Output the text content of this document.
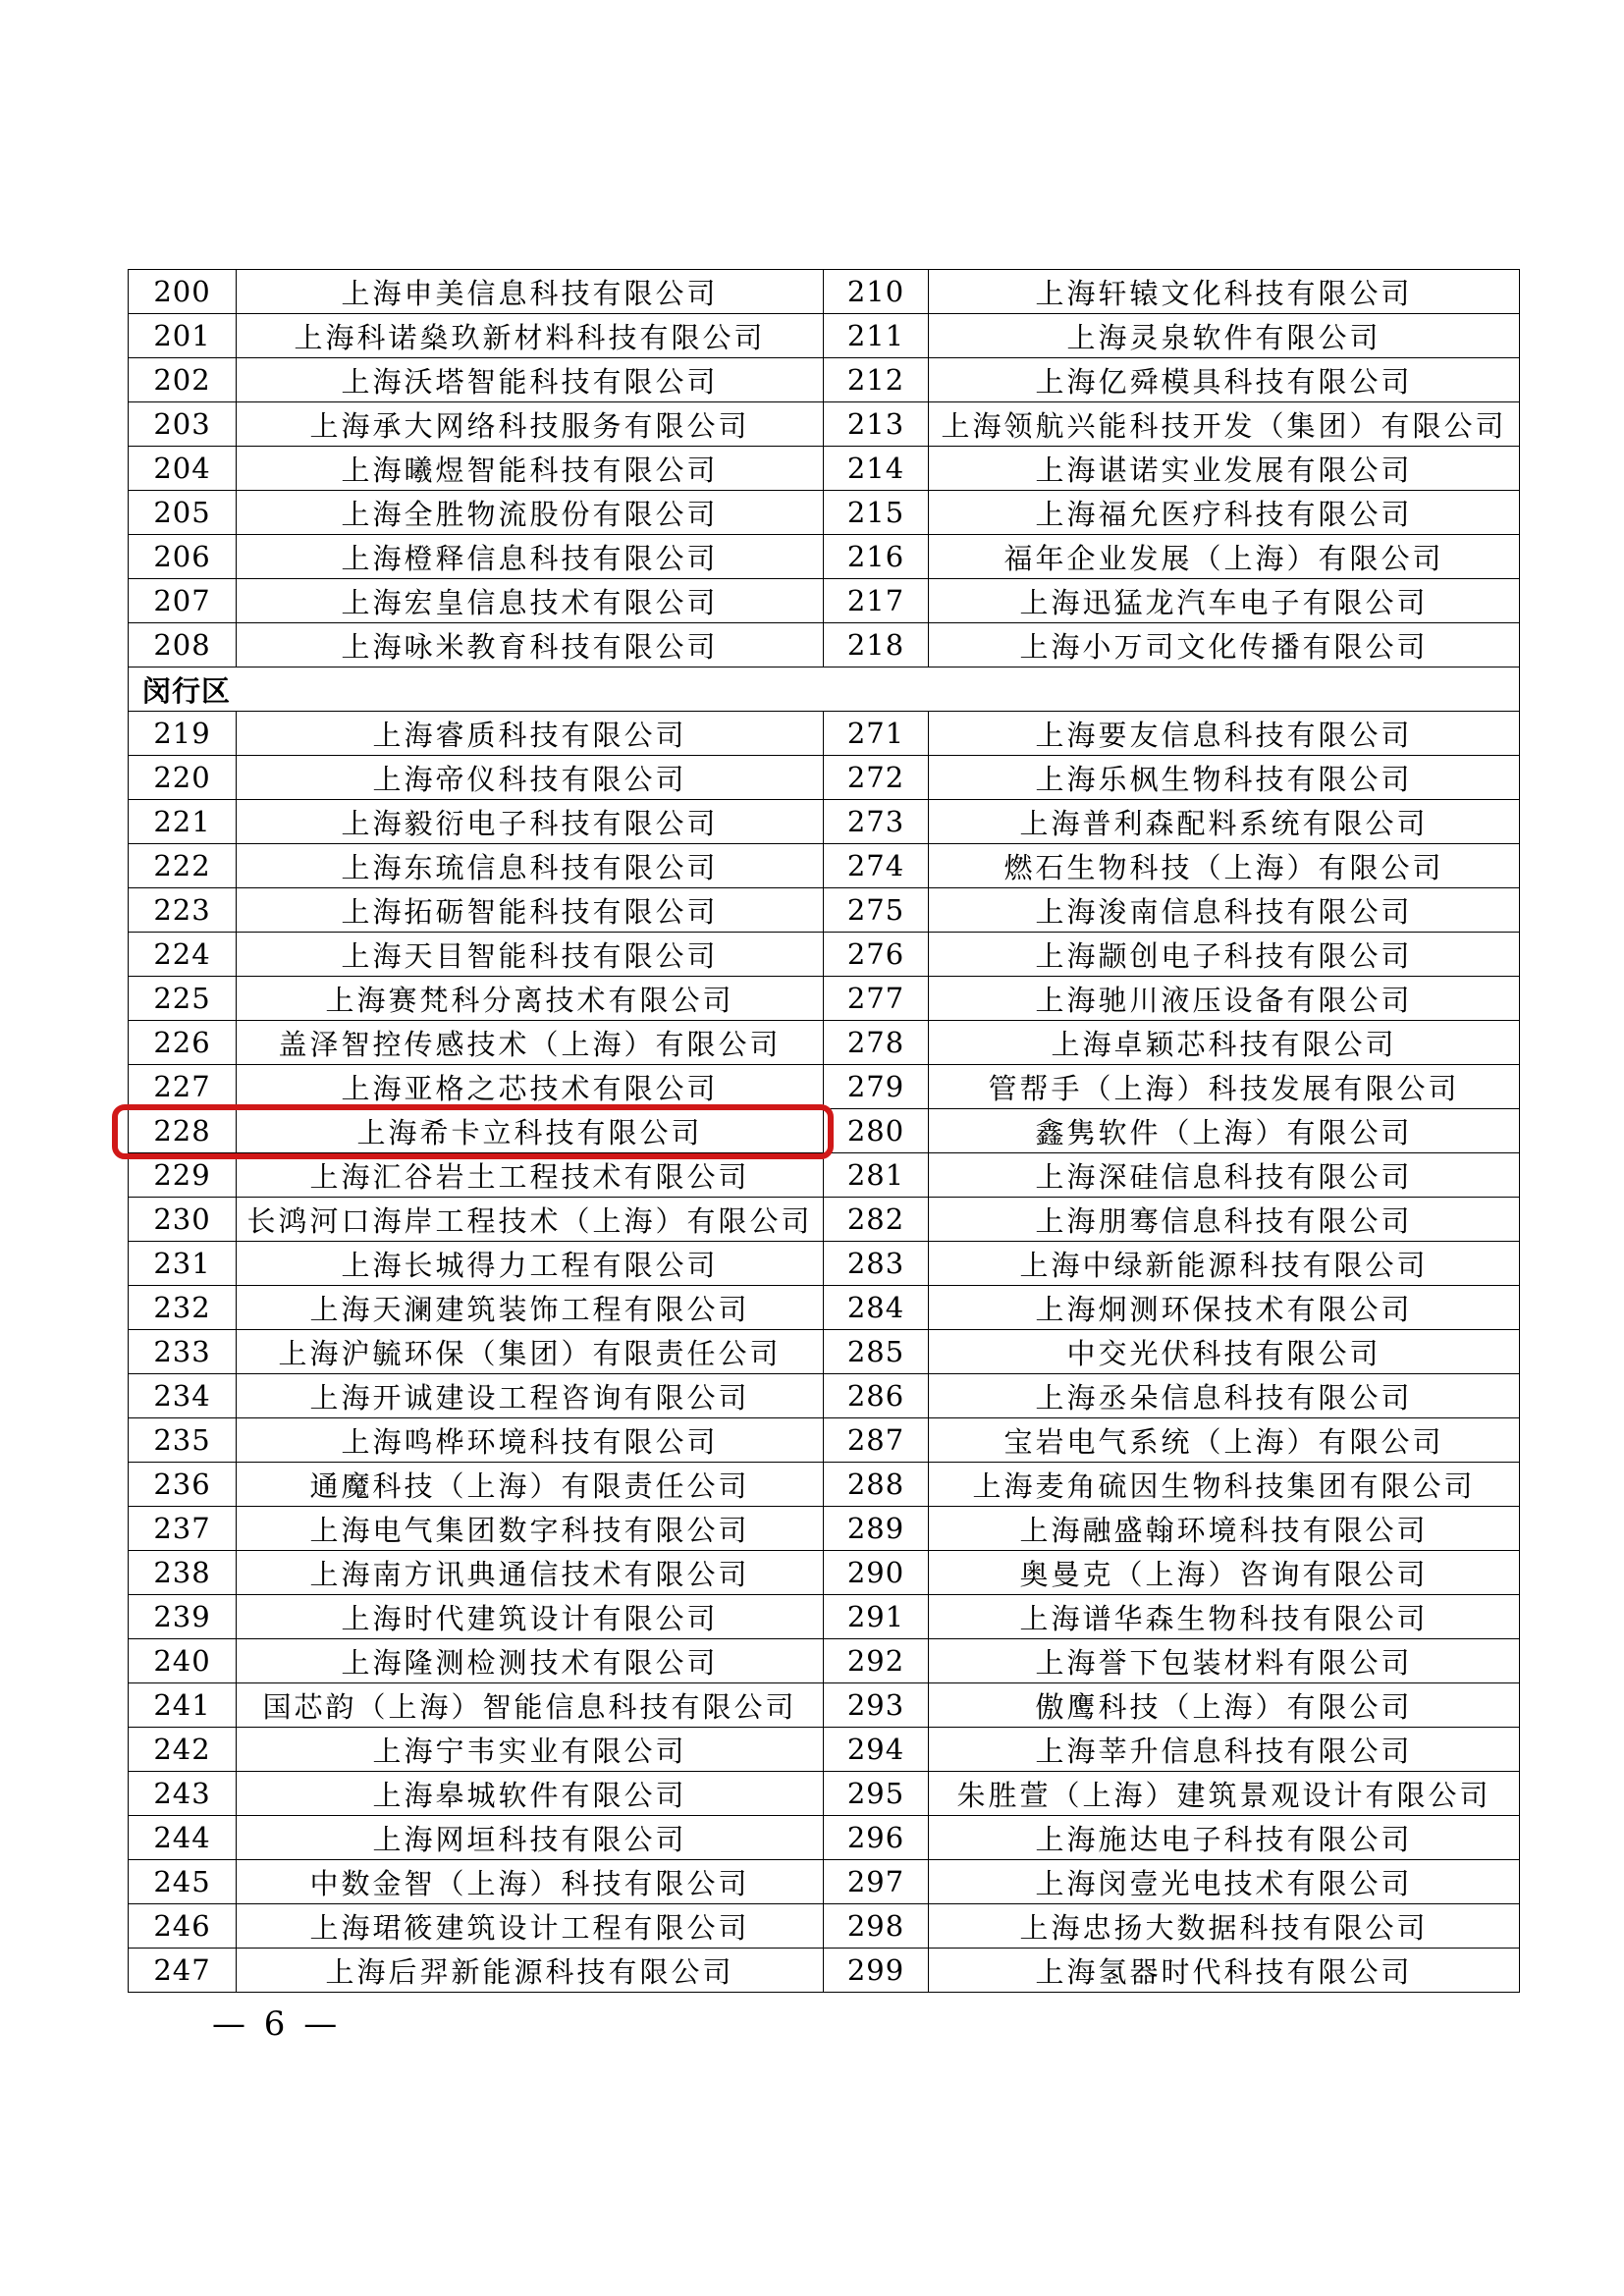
200	上海申美信息科技有限公司	210	上海轩辕文化科技有限公司
201	上海科诺燊玖新材料科技有限公司	211	上海灵泉软件有限公司
202	上海沃塔智能科技有限公司	212	上海亿舜模具科技有限公司
203	上海承大网络科技服务有限公司	213	上海领航兴能科技开发（集团）有限公司
204	上海曦煜智能科技有限公司	214	上海谌诺实业发展有限公司
205	上海全胜物流股份有限公司	215	上海福允医疗科技有限公司
206	上海橙释信息科技有限公司	216	福年企业发展（上海）有限公司
207	上海宏皇信息技术有限公司	217	上海迅猛龙汽车电子有限公司
208	上海咏米教育科技有限公司	218	上海小万司文化传播有限公司
闵行区			
219	上海睿质科技有限公司	271	上海要友信息科技有限公司
220	上海帝仪科技有限公司	272	上海乐枫生物科技有限公司
221	上海毅衍电子科技有限公司	273	上海普利森配料系统有限公司
222	上海东琉信息科技有限公司	274	燃石生物科技（上海）有限公司
223	上海拓砺智能科技有限公司	275	上海浚南信息科技有限公司
224	上海天目智能科技有限公司	276	上海颛创电子科技有限公司
225	上海赛梵科分离技术有限公司	277	上海驰川液压设备有限公司
226	盖泽智控传感技术（上海）有限公司	278	上海卓颖芯科技有限公司
227	上海亚格之芯技术有限公司	279	管帮手（上海）科技发展有限公司
228	上海希卡立科技有限公司	280	鑫隽软件（上海）有限公司
229	上海汇谷岩土工程技术有限公司	281	上海深硅信息科技有限公司
230	长鸿河口海岸工程技术（上海）有限公司	282	上海朋骞信息科技有限公司
231	上海长城得力工程有限公司	283	上海中绿新能源科技有限公司
232	上海天澜建筑装饰工程有限公司	284	上海炯测环保技术有限公司
233	上海沪毓环保（集团）有限责任公司	285	中交光伏科技有限公司
234	上海开诚建设工程咨询有限公司	286	上海丞朵信息科技有限公司
235	上海鸣桦环境科技有限公司	287	宝岩电气系统（上海）有限公司
236	通魔科技（上海）有限责任公司	288	上海麦角硫因生物科技集团有限公司
237	上海电气集团数字科技有限公司	289	上海融盛翰环境科技有限公司
238	上海南方讯典通信技术有限公司	290	奥曼克（上海）咨询有限公司
239	上海时代建筑设计有限公司	291	上海谱华森生物科技有限公司
240	上海隆测检测技术有限公司	292	上海誉下包装材料有限公司
241	国芯韵（上海）智能信息科技有限公司	293	傲鹰科技（上海）有限公司
242	上海宁韦实业有限公司	294	上海莘升信息科技有限公司
243	上海皋城软件有限公司	295	朱胜萱（上海）建筑景观设计有限公司
244	上海网垣科技有限公司	296	上海施达电子科技有限公司
245	中数金智（上海）科技有限公司	297	上海闵壹光电技术有限公司
246	上海珺筱建筑设计工程有限公司	298	上海忠扬大数据科技有限公司
247	上海后羿新能源科技有限公司	299	上海氢器时代科技有限公司
— 6 —
